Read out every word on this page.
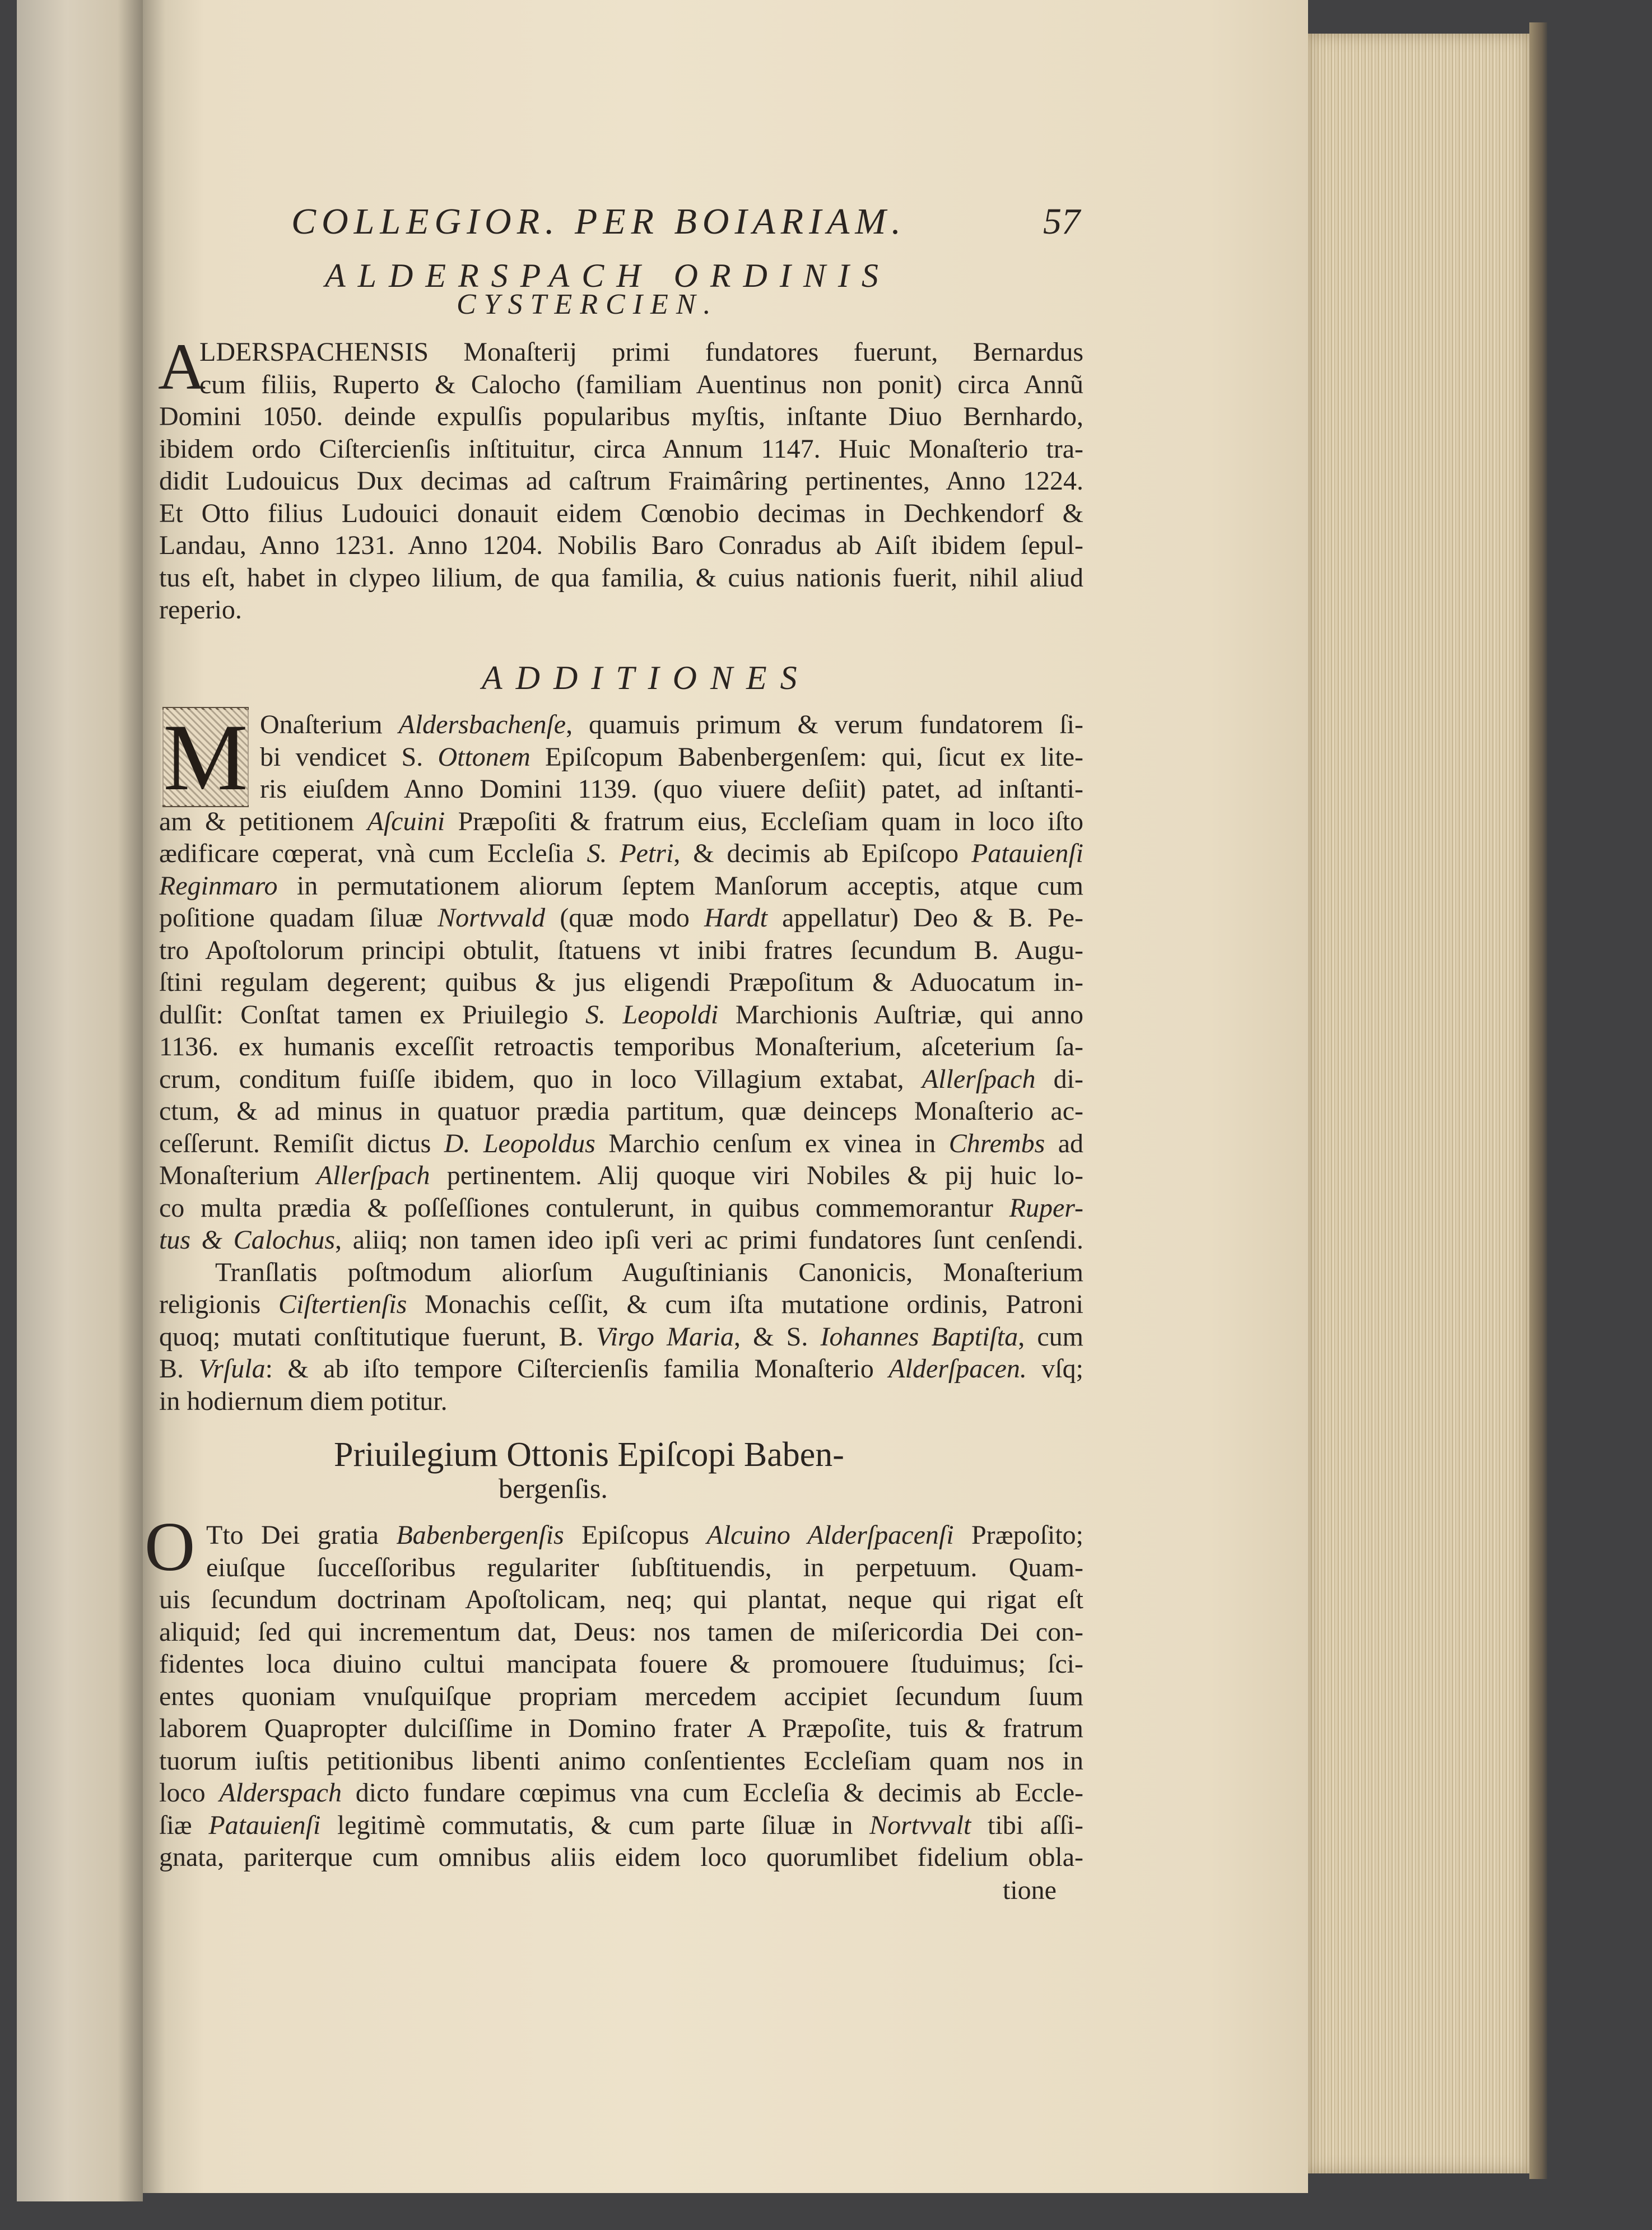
COLLEGIOR. PER BOIARIAM.	57
ALDERSPACH ORDINIS
CYSTERCIEN.
A
LDERSPACHENSIS Monaſterij primi fundatores fuerunt, Bernardus
cum filiis, Ruperto & Calocho (familiam Auentinus non ponit) circa Annũ
Domini 1050. deinde expulſis popularibus myſtis, inſtante Diuo Bernhardo,
ibidem ordo Ciſtercienſis inſtituitur, circa Annum 1147. Huic Monaſterio tra-
didit Ludouicus Dux decimas ad caſtrum Fraimâring pertinentes, Anno 1224.
Et Otto filius Ludouici donauit eidem Cœnobio decimas in Dechkendorf &
Landau, Anno 1231. Anno 1204. Nobilis Baro Conradus ab Aiſt ibidem ſepul-
tus eſt, habet in clypeo lilium, de qua familia, & cuius nationis fuerit, nihil aliud
reperio.
ADDITIONES
M Onaſterium Aldersbachenſe, quamuis primum & verum fundatorem ſi-
bi vendicet S. Ottonem Epiſcopum Babenbergenſem: qui, ſicut ex lite-
ris eiuſdem Anno Domini 1139. (quo viuere deſiit) patet, ad inſtanti-
am & petitionem Aſcuini Præpoſiti & fratrum eius, Eccleſiam quam in loco iſto
ædificare cœperat, vnà cum Eccleſia S. Petri, & decimis ab Epiſcopo Patauienſi
Reginmaro in permutationem aliorum ſeptem Manſorum acceptis, atque cum
poſitione quadam ſiluæ Nortvvald (quæ modo Hardt appellatur) Deo & B. Pe-
tro Apoſtolorum principi obtulit, ſtatuens vt inibi fratres ſecundum B. Augu-
ſtini regulam degerent; quibus & jus eligendi Præpoſitum & Aduocatum in-
dulſit: Conſtat tamen ex Priuilegio S. Leopoldi Marchionis Auſtriæ, qui anno
1136. ex humanis exceſſit retroactis temporibus Monaſterium, aſceterium ſa-
crum, conditum fuiſſe ibidem, quo in loco Villagium extabat, Allerſpach di-
ctum, & ad minus in quatuor prædia partitum, quæ deinceps Monaſterio ac-
ceſſerunt. Remiſit dictus D. Leopoldus Marchio cenſum ex vinea in Chrembs ad
Monaſterium Allerſpach pertinentem. Alij quoque viri Nobiles & pij huic lo-
co multa prædia & poſſeſſiones contulerunt, in quibus commemorantur Ruper-
tus & Calochus, aliiq; non tamen ideo ipſi veri ac primi fundatores ſunt cenſendi.
Tranſlatis poſtmodum aliorſum Auguſtinianis Canonicis, Monaſterium
religionis Ciſtertienſis Monachis ceſſit, & cum iſta mutatione ordinis, Patroni
quoq; mutati conſtitutique fuerunt, B. Virgo Maria, & S. Iohannes Baptiſta, cum
B. Vrſula: & ab iſto tempore Ciſtercienſis familia Monaſterio Alderſpacen. vſq;
in hodiernum diem potitur.
Priuilegium Ottonis Epiſcopi Baben-
bergenſis.
O Tto Dei gratia Babenbergenſis Epiſcopus Alcuino Alderſpacenſi Præpoſito;
eiuſque ſucceſſoribus regulariter ſubſtituendis, in perpetuum. Quam-
uis ſecundum doctrinam Apoſtolicam, neq; qui plantat, neque qui rigat eſt
aliquid; ſed qui incrementum dat, Deus: nos tamen de miſericordia Dei con-
fidentes loca diuino cultui mancipata fouere & promouere ſtuduimus; ſci-
entes quoniam vnuſquiſque propriam mercedem accipiet ſecundum ſuum
laborem Quapropter dulciſſime in Domino frater A Præpoſite, tuis & fratrum
tuorum iuſtis petitionibus libenti animo conſentientes Eccleſiam quam nos in
loco Alderspach dicto fundare cœpimus vna cum Eccleſia & decimis ab Eccle-
ſiæ Patauienſi legitimè commutatis, & cum parte ſiluæ in Nortvvalt tibi aſſi-
gnata, pariterque cum omnibus aliis eidem loco quorumlibet fidelium obla-
tione
